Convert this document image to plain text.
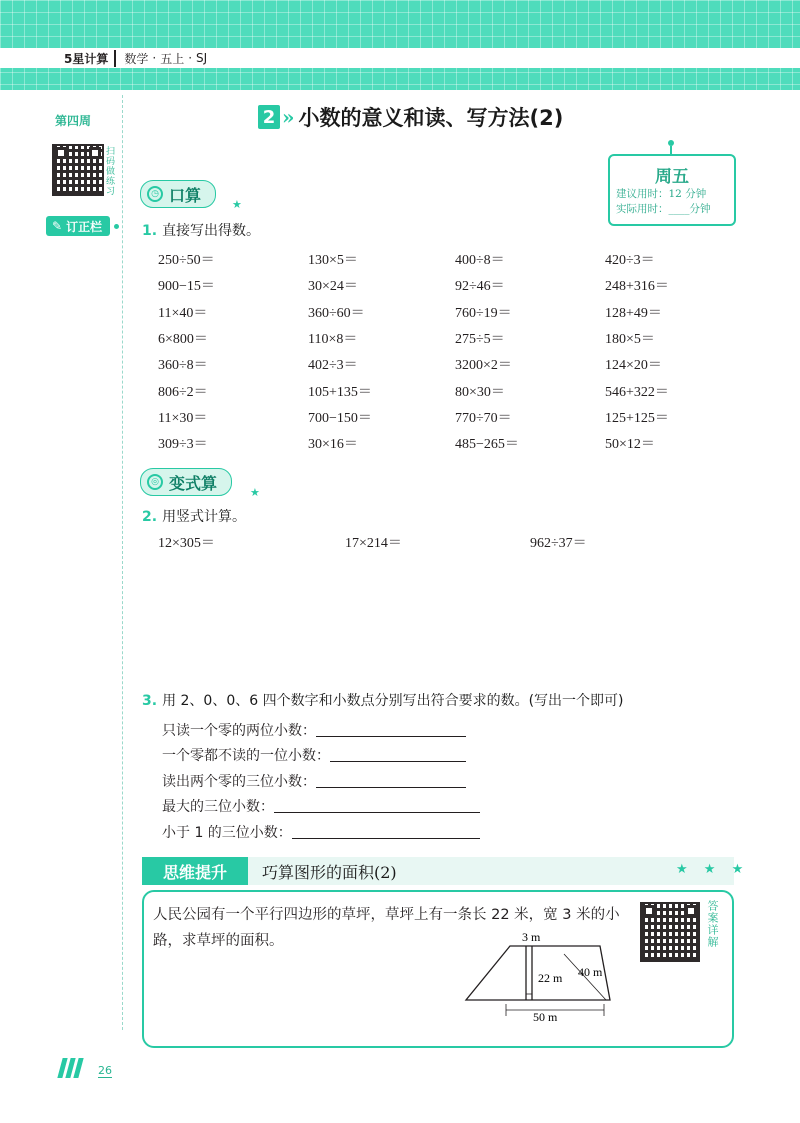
5星计算	数学 · 五上 · SJ
第四周
扫码做练习
✎ 订正栏
2 » 小数的意义和读、写方法(2)
周五
建议用时：12 分钟
实际用时：____分钟
◷ 口算	★
1. 直接写出得数。
250÷50＝	130×5＝	400÷8＝	420÷3＝
900−15＝	30×24＝	92÷46＝	248+316＝
11×40＝	360÷60＝	760÷19＝	128+49＝
6×800＝	110×8＝	275÷5＝	180×5＝
360÷8＝	402÷3＝	3200×2＝	124×20＝
806÷2＝	105+135＝	80×30＝	546+322＝
11×30＝	700−150＝	770÷70＝	125+125＝
309÷3＝	30×16＝	485−265＝	50×12＝
◎ 变式算	★
2. 用竖式计算。
12×305＝	17×214＝	962÷37＝
3. 用 2、0、0、6 四个数字和小数点分别写出符合要求的数。(写出一个即可)
只读一个零的两位小数：
一个零都不读的一位小数：
读出两个零的三位小数：
最大的三位小数：
小于 1 的三位小数：
思维提升	巧算图形的面积(2)	★ ★ ★
人民公园有一个平行四边形的草坪，草坪上有一条长 22 米，宽 3 米的小路，求草坪的面积。	答案详解
3 m
22 m 40 m
50 m
26
